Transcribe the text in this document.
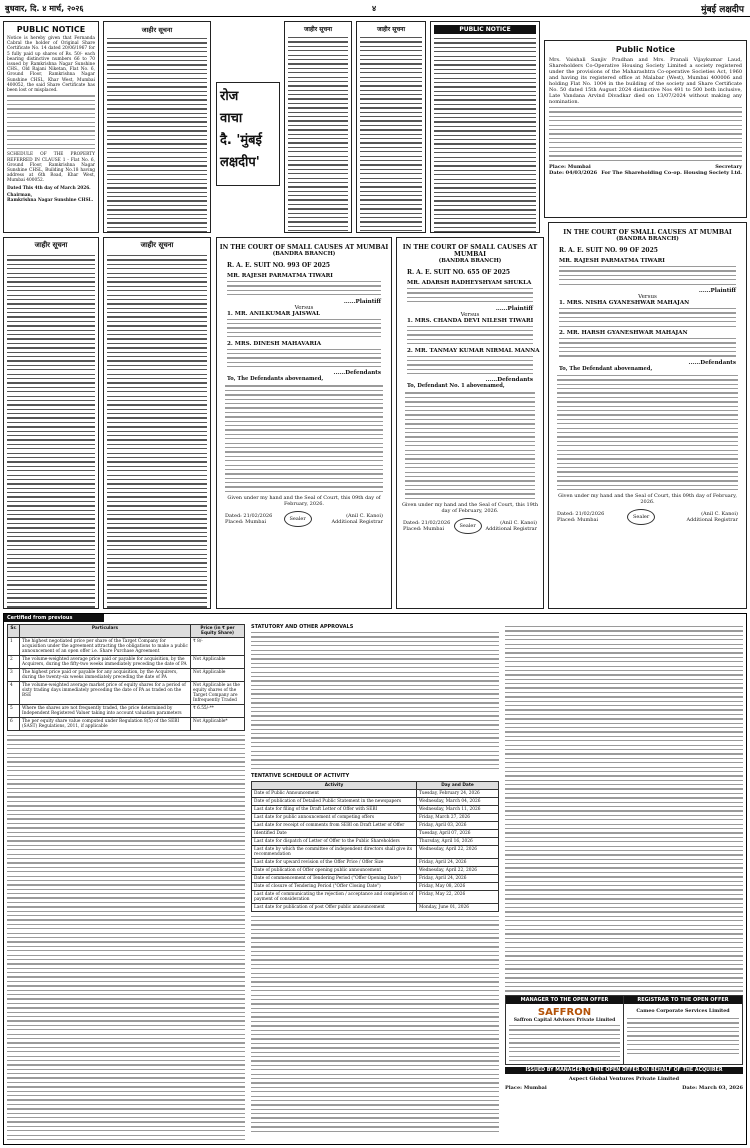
बुधवार, दि. ४ मार्च, २०२६	४	मुंबई लक्षदीप
PUBLIC NOTICE
Notice is hereby given that Fernanda Cabral the holder of Original Share Certificate No. 14 dated 20/06/1967 for 5 fully paid up shares of Rs. 50/- each bearing distinctive numbers 66 to 70 issued by Ramkrishna Nagar Sunshine CHS., Old Rajani Niketan, Flat No. 6, Ground Floor, Ramkrishna Nagar Sunshine CHSL, Khar West, Mumbai 400052, the said Share Certificate has been lost or misplaced.
SCHEDULE OF THE PROPERTY REFERRED IN CLAUSE 1 - Flat No. 6, Ground Floor, Ramkrishna Nagar Sunshine CHSL, Building No.18 having address at 6th Road, Khar West, Mumbai 400052.
Dated This 4th day of March 2026.
Chairman,
Ramkrishna Nagar Sunshine CHSL.
जाहीर सूचना
रोज
वाचा
दै. 'मुंबई
लक्षदीप'
जाहीर सूचना	जाहीर सूचना	PUBLIC NOTICE
Public Notice
Mrs. Vaishali Sanjiv Pradhan and Mrs. Pranali Vijaykumar Laud, Shareholders Co-Operative Housing Society Limited a society registered under the provisions of the Maharashtra Co-operative Societies Act, 1960 and having its registered office at Malabar (West), Mumbai 400006 and holding Flat No. 1004 in the building of the society and Share Certificate No. 50 dated 15th August 2024 distinctive Nos 491 to 500 both inclusive, Late Vandana Arvind Divadkar died on 13/07/2024 without making any nomination.
Place: Mumbai
Date: 04/03/2026
Secretary
For The Shareholding Co-op. Housing Society Ltd.
जाहीर सूचना	जाहीर सूचना	IN THE COURT OF SMALL CAUSES AT MUMBAI
(BANDRA BRANCH)
R. A. E. SUIT NO. 993 OF 2025
MR. RAJESH PARMATMA TIWARI
......Plaintiff
Versus
1. MR. ANILKUMAR JAISWAL
2. MRS. DINESH MAHAVARIA
......Defendants
To, The Defendants abovenamed,
Given under my hand and the Seal of Court, this 09th day of February, 2026.
Dated: 21/02/2026
Placed: Mumbai	Sealer	(Anil C. Kanoi) Additional Registrar
IN THE COURT OF SMALL CAUSES AT MUMBAI
(BANDRA BRANCH)
R. A. E. SUIT NO. 655 OF 2025
MR. ADARSH RADHEYSHYAM SHUKLA
......Plaintiff
Versus
1. MRS. CHANDA DEVI NILESH TIWARI
2. MR. TANMAY KUMAR NIRMAL MANNA
......Defendants
To, Defendant No. 1 abovenamed,
Given under my hand and the Seal of Court, this 19th day of February, 2026.
Dated: 21/02/2026
Placed: Mumbai	Sealer	(Anil C. Kanoi) Additional Registrar
IN THE COURT OF SMALL CAUSES AT MUMBAI
(BANDRA BRANCH)
R. A. E. SUIT NO. 99 OF 2025
MR. RAJESH PARMATMA TIWARI
......Plaintiff
Versus
1. MRS. NISHA GYANESHWAR MAHAJAN
2. MR. HARSH GYANESHWAR MAHAJAN
......Defendants
To, The Defendant abovenamed,
Given under my hand and the Seal of Court, this 09th day of February, 2026.
Dated: 21/02/2026
Placed: Mumbai	Sealer	(Anil C. Kanoi) Additional Registrar
Certified from previous
Sr.	Particulars	Price (in ₹ per Equity Share)
1	The highest negotiated price per share of the Target Company for acquisition under the agreement attracting the obligations to make a public announcement of an open offer i.e. Share Purchase Agreement	₹ 8/-
2	The volume-weighted average price paid or payable for acquisition, by the Acquirers, during the fifty-two weeks immediately preceding the date of PA	Not Applicable
3	The highest price paid or payable for any acquisition, by the Acquirers, during the twenty-six weeks immediately preceding the date of PA	Not Applicable
4	The volume-weighted average market price of equity shares for a period of sixty trading days immediately preceding the date of PA as traded on the BSE	Not Applicable as the equity shares of the Target Company are Infrequently Traded
5	Where the shares are not frequently traded, the price determined by Independent Registered Valuer taking into account valuation parameters	₹ 6.55/-**
6	The per equity share value computed under Regulation 8(5) of the SEBI (SAST) Regulations, 2011, if applicable	Not Applicable*
STATUTORY AND OTHER APPROVALS
TENTATIVE SCHEDULE OF ACTIVITY
Activity	Day and Date
Date of Public Announcement	Tuesday, February 24, 2026
Date of publication of Detailed Public Statement in the newspapers	Wednesday, March 04, 2026
Last date for filing of the Draft Letter of Offer with SEBI	Wednesday, March 11, 2026
Last date for public announcement of competing offers	Friday, March 27, 2026
Last date for receipt of comments from SEBI on Draft Letter of Offer	Friday, April 03, 2026
Identified Date	Tuesday, April 07, 2026
Last date for dispatch of Letter of Offer to the Public Shareholders	Thursday, April 16, 2026
Last date by which the committee of independent directors shall give its recommendation	Wednesday, April 22, 2026
Last date for upward revision of the Offer Price / Offer Size	Friday, April 24, 2026
Date of publication of Offer opening public announcement	Wednesday, April 22, 2026
Date of commencement of Tendering Period ("Offer Opening Date")	Friday, April 24, 2026
Date of closure of Tendering Period ("Offer Closing Date")	Friday, May 08, 2026
Last date of communicating the rejection / acceptance and completion of payment of consideration	Friday, May 22, 2026
Last date for publication of post Offer public announcement	Monday, June 01, 2026
MANAGER TO THE OPEN OFFER
SAFFRON
Saffron Capital Advisors Private Limited
REGISTRAR TO THE OPEN OFFER
Cameo Corporate Services Limited
ISSUED BY MANAGER TO THE OPEN OFFER ON BEHALF OF THE ACQUIRER
Aspect Global Ventures Private Limited
Place: Mumbai	Date: March 03, 2026
